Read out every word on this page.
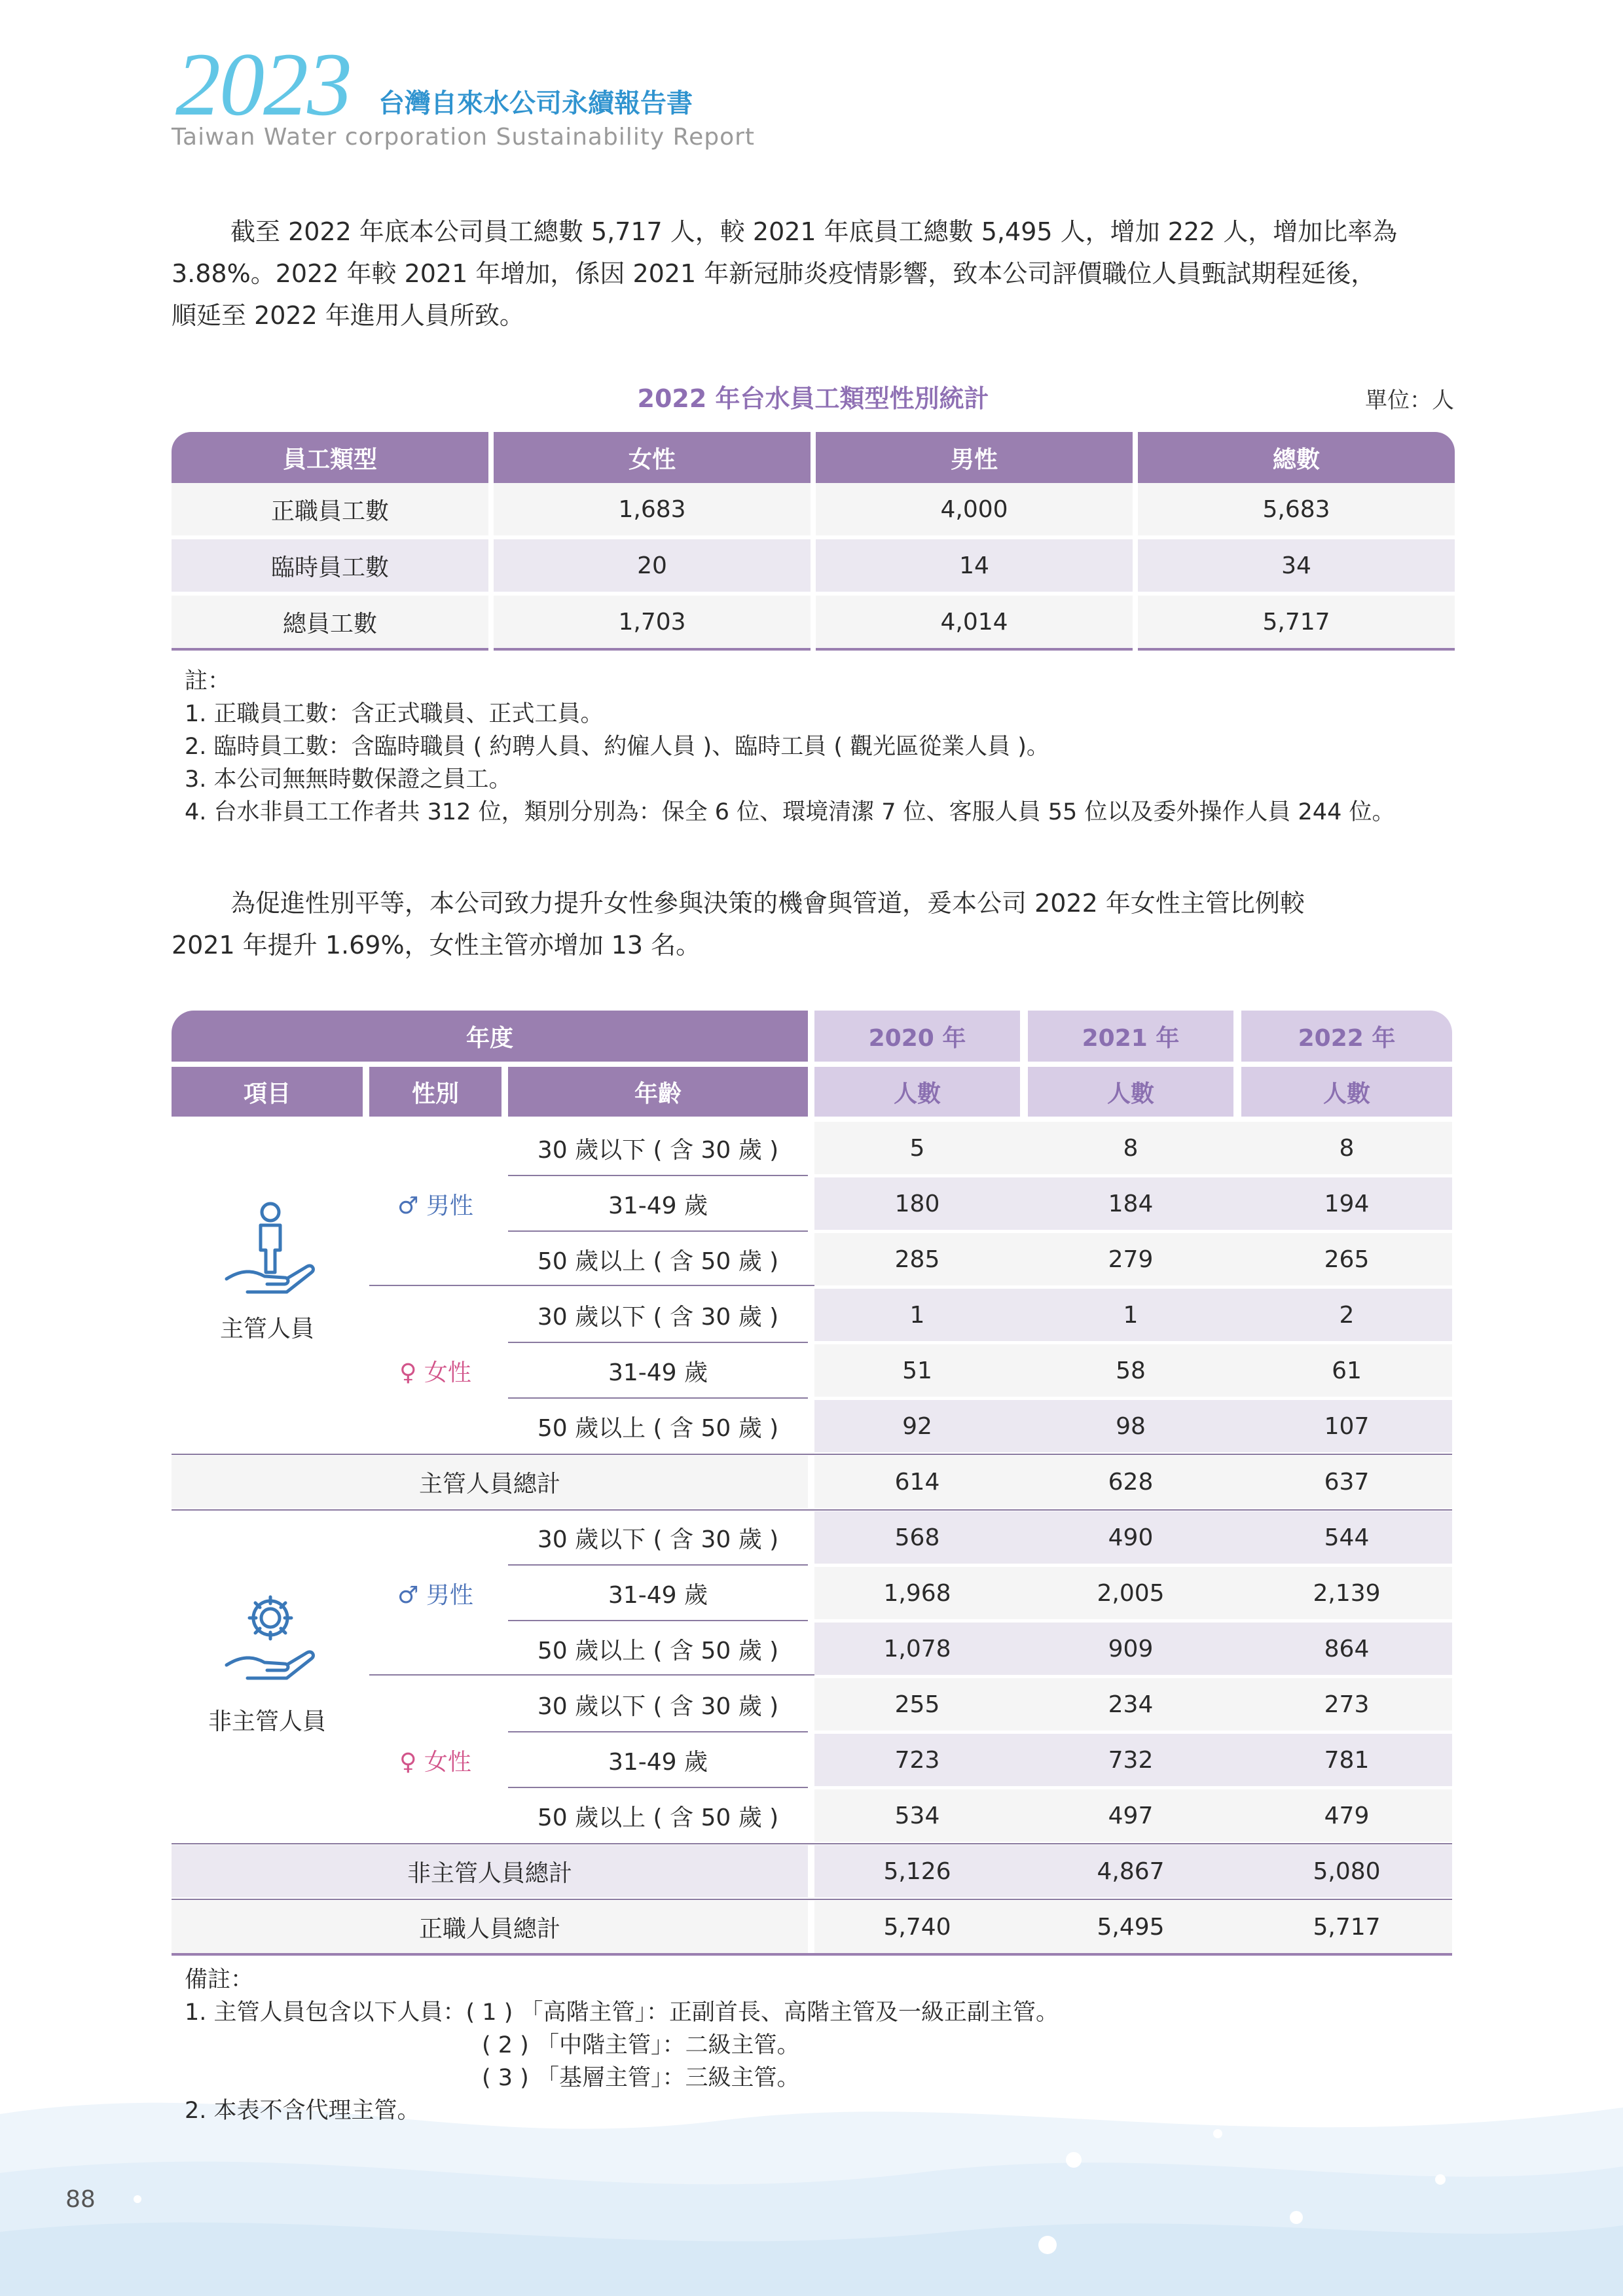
2023 台灣自來水公司永續報告書
Taiwan Water corporation Sustainability Report
截至 2022 年底本公司員工總數 5,717 人，較 2021 年底員工總數 5,495 人，增加 222 人，增加比率為
3.88%。2022 年較 2021 年增加，係因 2021 年新冠肺炎疫情影響，致本公司評價職位人員甄試期程延後，
順延至 2022 年進用人員所致。
2022 年台水員工類型性別統計	單位：人
員工類型	女性	男性	總數
正職員工數	1,683	4,000	5,683
臨時員工數	20	14	34
總員工數	1,703	4,014	5,717
註：
1. 正職員工數：含正式職員、正式工員。
2. 臨時員工數：含臨時職員 ( 約聘人員、約僱人員 )、臨時工員 ( 觀光區從業人員 )。
3. 本公司無無時數保證之員工。
4. 台水非員工工作者共 312 位，類別分別為：保全 6 位、環境清潔 7 位、客服人員 55 位以及委外操作人員 244 位。
為促進性別平等，本公司致力提升女性參與決策的機會與管道，爰本公司 2022 年女性主管比例較
2021 年提升 1.69%，女性主管亦增加 13 名。
年度	2020 年	2021 年	2022 年
項目	性別	年齡	人數	人數	人數
主管人員
♂ 男性
♀ 女性
30 歲以下 ( 含 30 歲 )	5	8	8
31-49 歲	180	184	194
50 歲以上 ( 含 50 歲 )	285	279	265
30 歲以下 ( 含 30 歲 )	1	1	2
31-49 歲	51	58	61
50 歲以上 ( 含 50 歲 )	92	98	107
主管人員總計	614	628	637
非主管人員
♂ 男性
♀ 女性
30 歲以下 ( 含 30 歲 )	568	490	544
31-49 歲	1,968	2,005	2,139
50 歲以上 ( 含 50 歲 )	1,078	909	864
30 歲以下 ( 含 30 歲 )	255	234	273
31-49 歲	723	732	781
50 歲以上 ( 含 50 歲 )	534	497	479
非主管人員總計	5,126	4,867	5,080
正職人員總計	5,740	5,495	5,717
備註：
1. 主管人員包含以下人員：( 1 ) 「高階主管」：正副首長、高階主管及一級正副主管。
( 2 ) 「中階主管」：二級主管。
( 3 ) 「基層主管」：三級主管。
2. 本表不含代理主管。
88
